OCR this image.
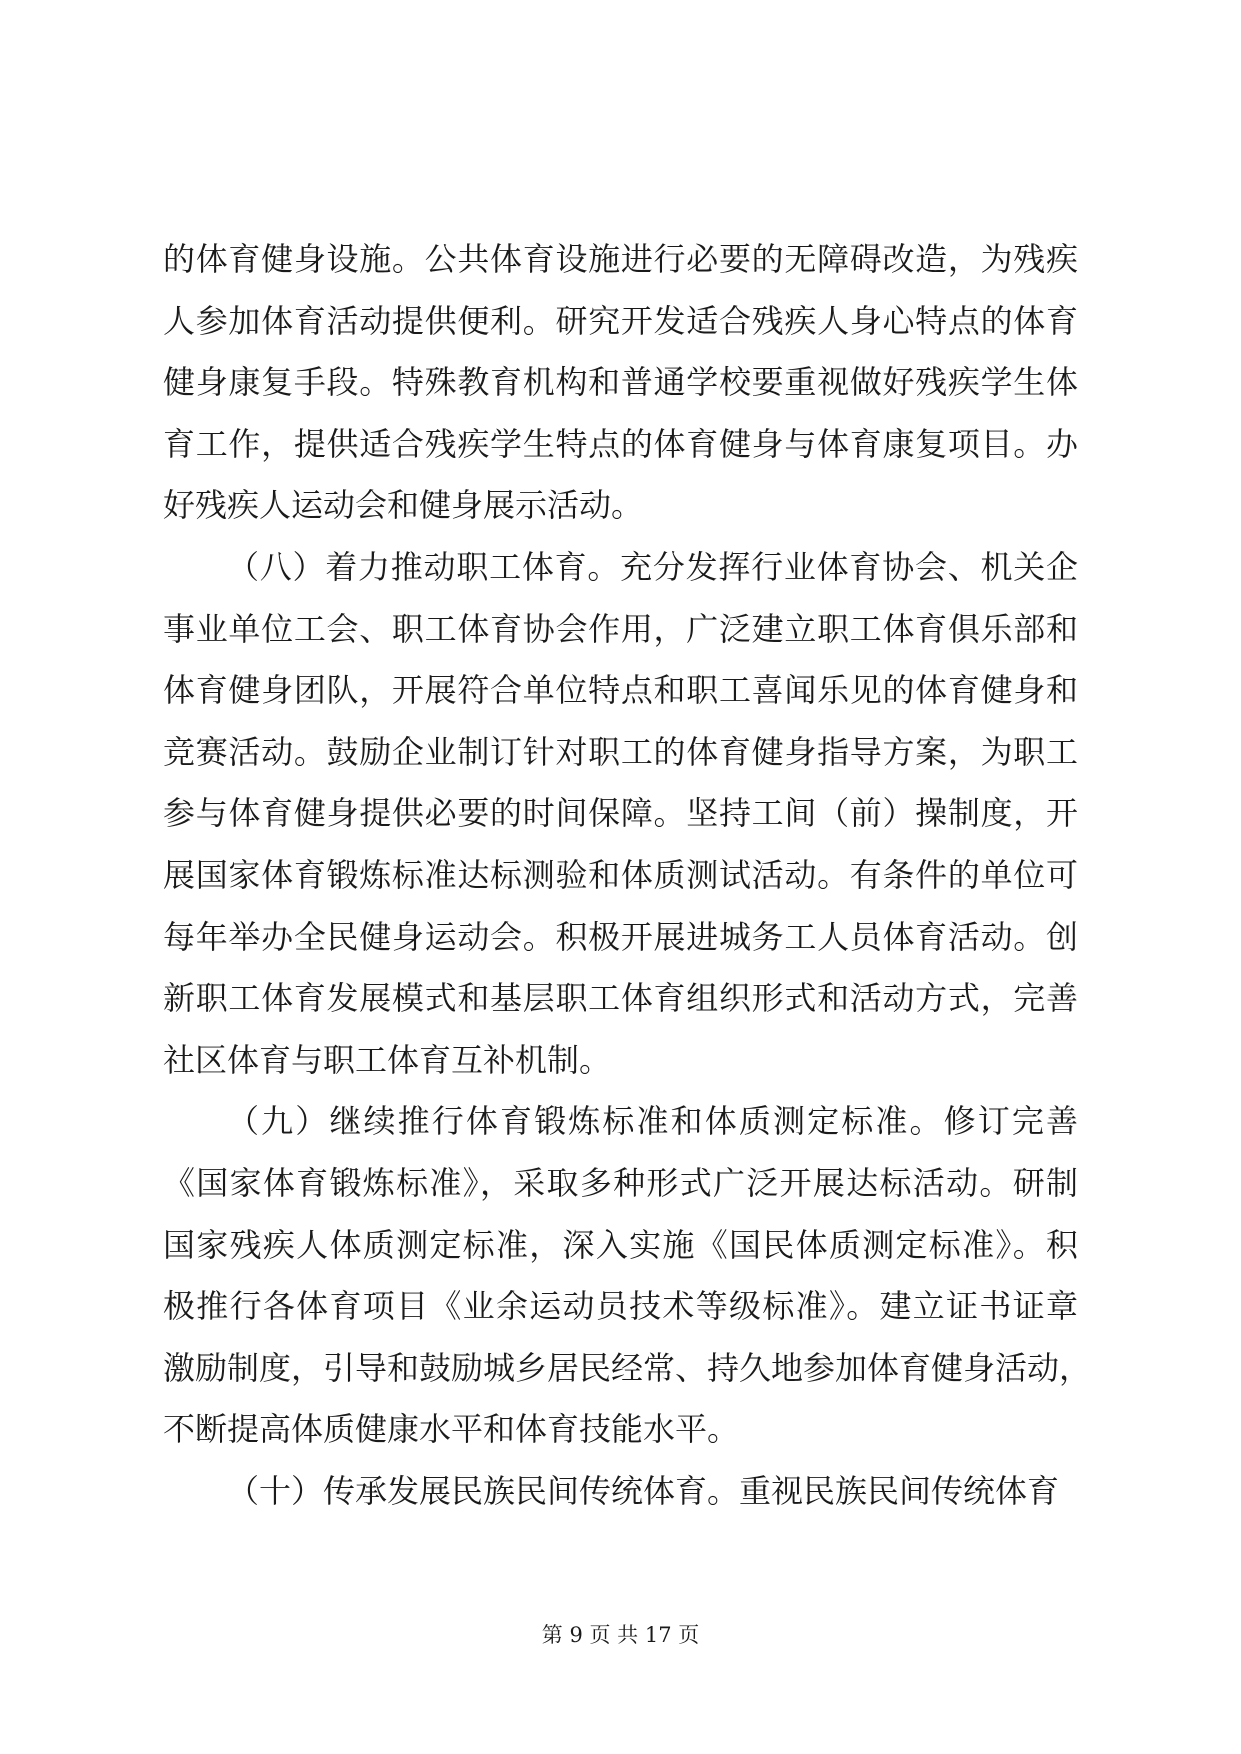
的体育健身设施。公共体育设施进行必要的无障碍改造，为残疾
人参加体育活动提供便利。研究开发适合残疾人身心特点的体育
健身康复手段。特殊教育机构和普通学校要重视做好残疾学生体
育工作，提供适合残疾学生特点的体育健身与体育康复项目。办
好残疾人运动会和健身展示活动。
（八）着力推动职工体育。充分发挥行业体育协会、机关企
事业单位工会、职工体育协会作用，广泛建立职工体育俱乐部和
体育健身团队，开展符合单位特点和职工喜闻乐见的体育健身和
竞赛活动。鼓励企业制订针对职工的体育健身指导方案，为职工
参与体育健身提供必要的时间保障。坚持工间（前）操制度，开
展国家体育锻炼标准达标测验和体质测试活动。有条件的单位可
每年举办全民健身运动会。积极开展进城务工人员体育活动。创
新职工体育发展模式和基层职工体育组织形式和活动方式，完善
社区体育与职工体育互补机制。
（九）继续推行体育锻炼标准和体质测定标准。修订完善
《国家体育锻炼标准》，采取多种形式广泛开展达标活动。研制
国家残疾人体质测定标准，深入实施《国民体质测定标准》。积
极推行各体育项目《业余运动员技术等级标准》。建立证书证章
激励制度，引导和鼓励城乡居民经常、持久地参加体育健身活动，
不断提高体质健康水平和体育技能水平。
（十）传承发展民族民间传统体育。重视民族民间传统体育
第 9 页 共 17 页
